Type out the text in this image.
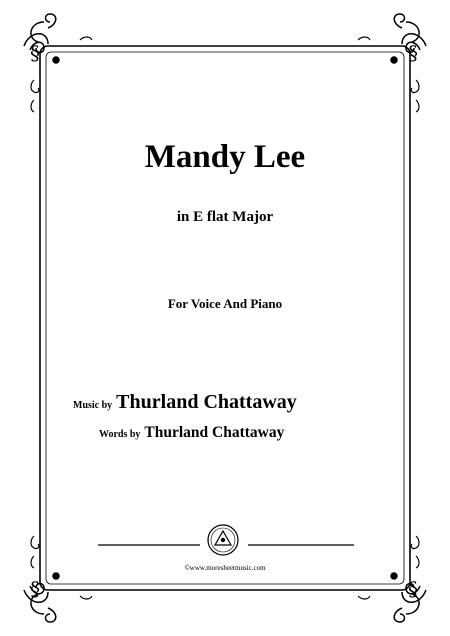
§	§
§	§
Mandy Lee
in E flat Major
For Voice And Piano
Music by Thurland Chattaway
Words by Thurland Chattaway
©www.moresheetmusic.com
